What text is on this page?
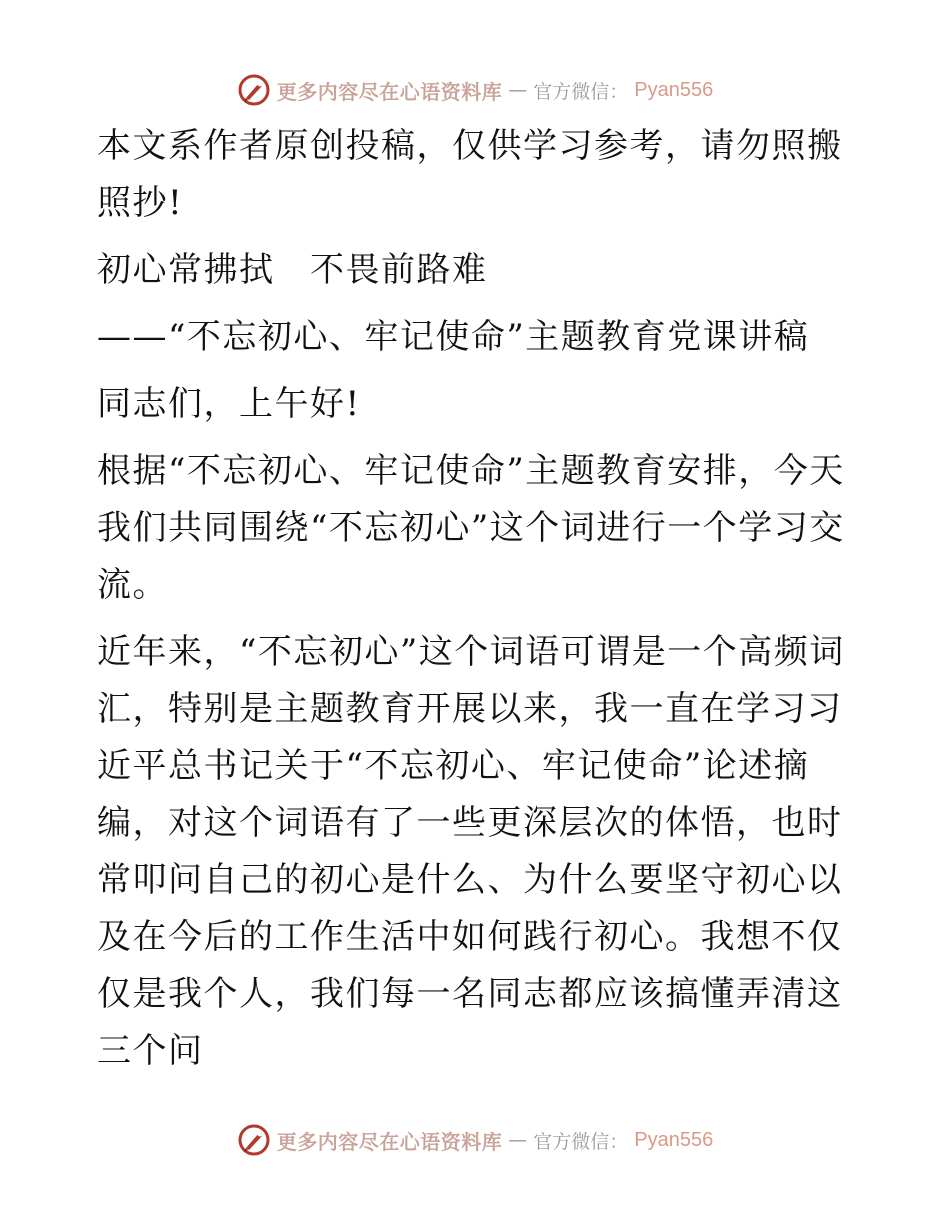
更多内容尽在心语资料库 — 官方微信： Pyan556

本文系作者原创投稿，仅供学习参考，请勿照搬照抄!

初心常拂拭　不畏前路难

——“不忘初心、牢记使命”主题教育党课讲稿

同志们，上午好!

根据“不忘初心、牢记使命”主题教育安排，今天我们共同围绕“不忘初心”这个词进行一个学习交流。

近年来，“不忘初心”这个词语可谓是一个高频词汇，特别是主题教育开展以来，我一直在学习习近平总书记关于“不忘初心、牢记使命”论述摘编，对这个词语有了一些更深层次的体悟，也时常叩问自己的初心是什么、为什么要坚守初心以及在今后的工作生活中如何践行初心。我想不仅仅是我个人，我们每一名同志都应该搞懂弄清这三个问

更多内容尽在心语资料库 — 官方微信： Pyan556
